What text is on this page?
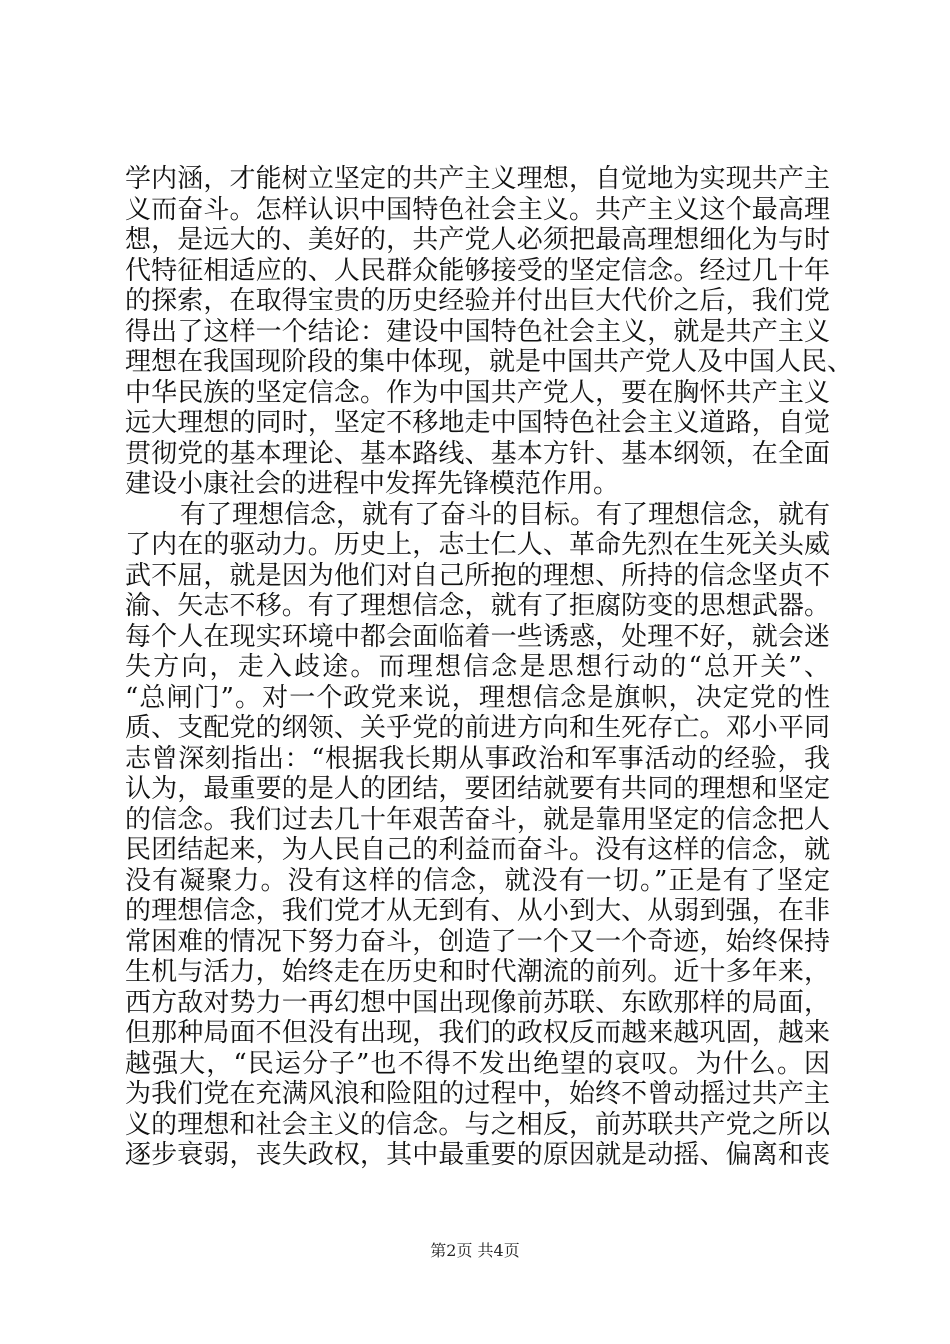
学内涵，才能树立坚定的共产主义理想，自觉地为实现共产主
义而奋斗。怎样认识中国特色社会主义。共产主义这个最高理
想，是远大的、美好的，共产党人必须把最高理想细化为与时
代特征相适应的、人民群众能够接受的坚定信念。经过几十年
的探索，在取得宝贵的历史经验并付出巨大代价之后，我们党
得出了这样一个结论：建设中国特色社会主义，就是共产主义
理想在我国现阶段的集中体现，就是中国共产党人及中国人民、
中华民族的坚定信念。作为中国共产党人，要在胸怀共产主义
远大理想的同时，坚定不移地走中国特色社会主义道路，自觉
贯彻党的基本理论、基本路线、基本方针、基本纲领，在全面
建设小康社会的进程中发挥先锋模范作用。
有了理想信念，就有了奋斗的目标。有了理想信念，就有
了内在的驱动力。历史上，志士仁人、革命先烈在生死关头威
武不屈，就是因为他们对自己所抱的理想、所持的信念坚贞不
渝、矢志不移。有了理想信念，就有了拒腐防变的思想武器。
每个人在现实环境中都会面临着一些诱惑，处理不好，就会迷
失方向，走入歧途。而理想信念是思想行动的“总开关”、
“总闸门”。对一个政党来说，理想信念是旗帜，决定党的性
质、支配党的纲领、关乎党的前进方向和生死存亡。邓小平同
志曾深刻指出：“根据我长期从事政治和军事活动的经验，我
认为，最重要的是人的团结，要团结就要有共同的理想和坚定
的信念。我们过去几十年艰苦奋斗，就是靠用坚定的信念把人
民团结起来，为人民自己的利益而奋斗。没有这样的信念，就
没有凝聚力。没有这样的信念，就没有一切。”正是有了坚定
的理想信念，我们党才从无到有、从小到大、从弱到强，在非
常困难的情况下努力奋斗，创造了一个又一个奇迹，始终保持
生机与活力，始终走在历史和时代潮流的前列。近十多年来，
西方敌对势力一再幻想中国出现像前苏联、东欧那样的局面，
但那种局面不但没有出现，我们的政权反而越来越巩固，越来
越强大，“民运分子”也不得不发出绝望的哀叹。为什么。因
为我们党在充满风浪和险阻的过程中，始终不曾动摇过共产主
义的理想和社会主义的信念。与之相反，前苏联共产党之所以
逐步衰弱，丧失政权，其中最重要的原因就是动摇、偏离和丧
第2页 共4页
